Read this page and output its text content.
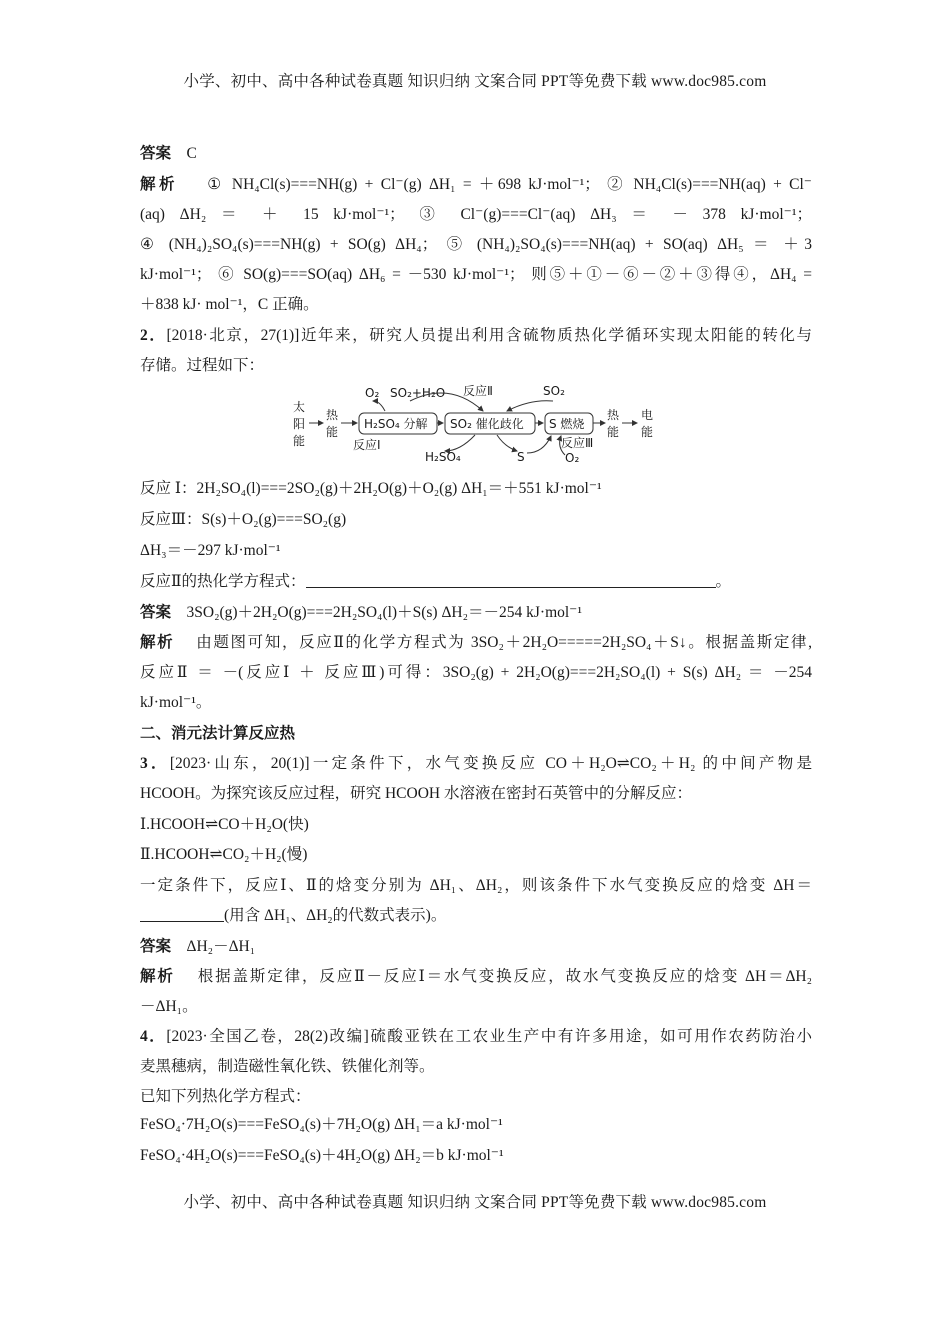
小学、初中、高中各种试卷真题 知识归纳 文案合同 PPT等免费下载 www.doc985.com
答案 C
解析 ① NH₄Cl(s)===NH(g) + Cl⁻(g) ΔH₁ = ＋698 kJ·mol⁻¹； ② NH₄Cl(s)===NH(aq) + Cl⁻
(aq) ΔH₂ ＝ ＋ 15 kJ·mol⁻¹； ③ Cl⁻(g)===Cl⁻(aq) ΔH₃ ＝ － 378 kJ·mol⁻¹；
④ (NH₄)₂SO₄(s)===NH(g) + SO(g) ΔH₄； ⑤ (NH₄)₂SO₄(s)===NH(aq) + SO(aq) ΔH₅ ＝ ＋3
kJ·mol⁻¹； ⑥ SO(g)===SO(aq) ΔH₆ = －530 kJ·mol⁻¹； 则⑤＋①－⑥－②＋③得④，ΔH₄ =
＋838 kJ· mol⁻¹，C 正确。
2．[2018·北京，27(1)]近年来，研究人员提出利用含硫物质热化学循环实现太阳能的转化与
存储。过程如下：
太
阳
能
热
能
H₂SO₄ 分解 SO₂ 催化歧化 S 燃烧
热
能
电
能
O₂ SO₂+H₂O 反应Ⅱ	SO₂
反应Ⅰ
H₂SO₄	S
反应Ⅲ
O₂
反应 Ⅰ：2H₂SO₄(l)===2SO₂(g)＋2H₂O(g)＋O₂(g) ΔH₁＝＋551 kJ·mol⁻¹
反应Ⅲ：S(s)＋O₂(g)===SO₂(g)
ΔH₃＝－297 kJ·mol⁻¹
反应Ⅱ的热化学方程式：	。
答案 3SO₂(g)＋2H₂O(g)===2H₂SO₄(l)＋S(s) ΔH₂＝－254 kJ·mol⁻¹
解析 由题图可知，反应Ⅱ的化学方程式为 3SO₂＋2H₂O=====2H₂SO₄＋S↓。根据盖斯定律,
反应Ⅱ ＝ －(反应Ⅰ ＋ 反应Ⅲ)可得：3SO₂(g) + 2H₂O(g)===2H₂SO₄(l) + S(s) ΔH₂ ＝ －254
kJ·mol⁻¹。
二、消元法计算反应热
3．[2023·山东，20(1)]一定条件下，水气变换反应 CO＋H₂O⇌CO₂＋H₂ 的中间产物是
HCOOH。为探究该反应过程，研究 HCOOH 水溶液在密封石英管中的分解反应：
Ⅰ.HCOOH⇌CO＋H₂O(快)
Ⅱ.HCOOH⇌CO₂＋H₂(慢)
一定条件下，反应Ⅰ、Ⅱ的焓变分别为 ΔH₁、ΔH₂，则该条件下水气变换反应的焓变 ΔH＝
(用含 ΔH₁、ΔH₂的代数式表示)。
答案 ΔH₂－ΔH₁
解析 根据盖斯定律，反应Ⅱ－反应Ⅰ＝水气变换反应，故水气变换反应的焓变 ΔH＝ΔH₂
－ΔH₁。
4．[2023·全国乙卷，28(2)改编]硫酸亚铁在工农业生产中有许多用途，如可用作农药防治小
麦黑穗病，制造磁性氧化铁、铁催化剂等。
已知下列热化学方程式：
FeSO₄·7H₂O(s)===FeSO₄(s)＋7H₂O(g) ΔH₁＝a kJ·mol⁻¹
FeSO₄·4H₂O(s)===FeSO₄(s)＋4H₂O(g) ΔH₂＝b kJ·mol⁻¹
小学、初中、高中各种试卷真题 知识归纳 文案合同 PPT等免费下载 www.doc985.com
